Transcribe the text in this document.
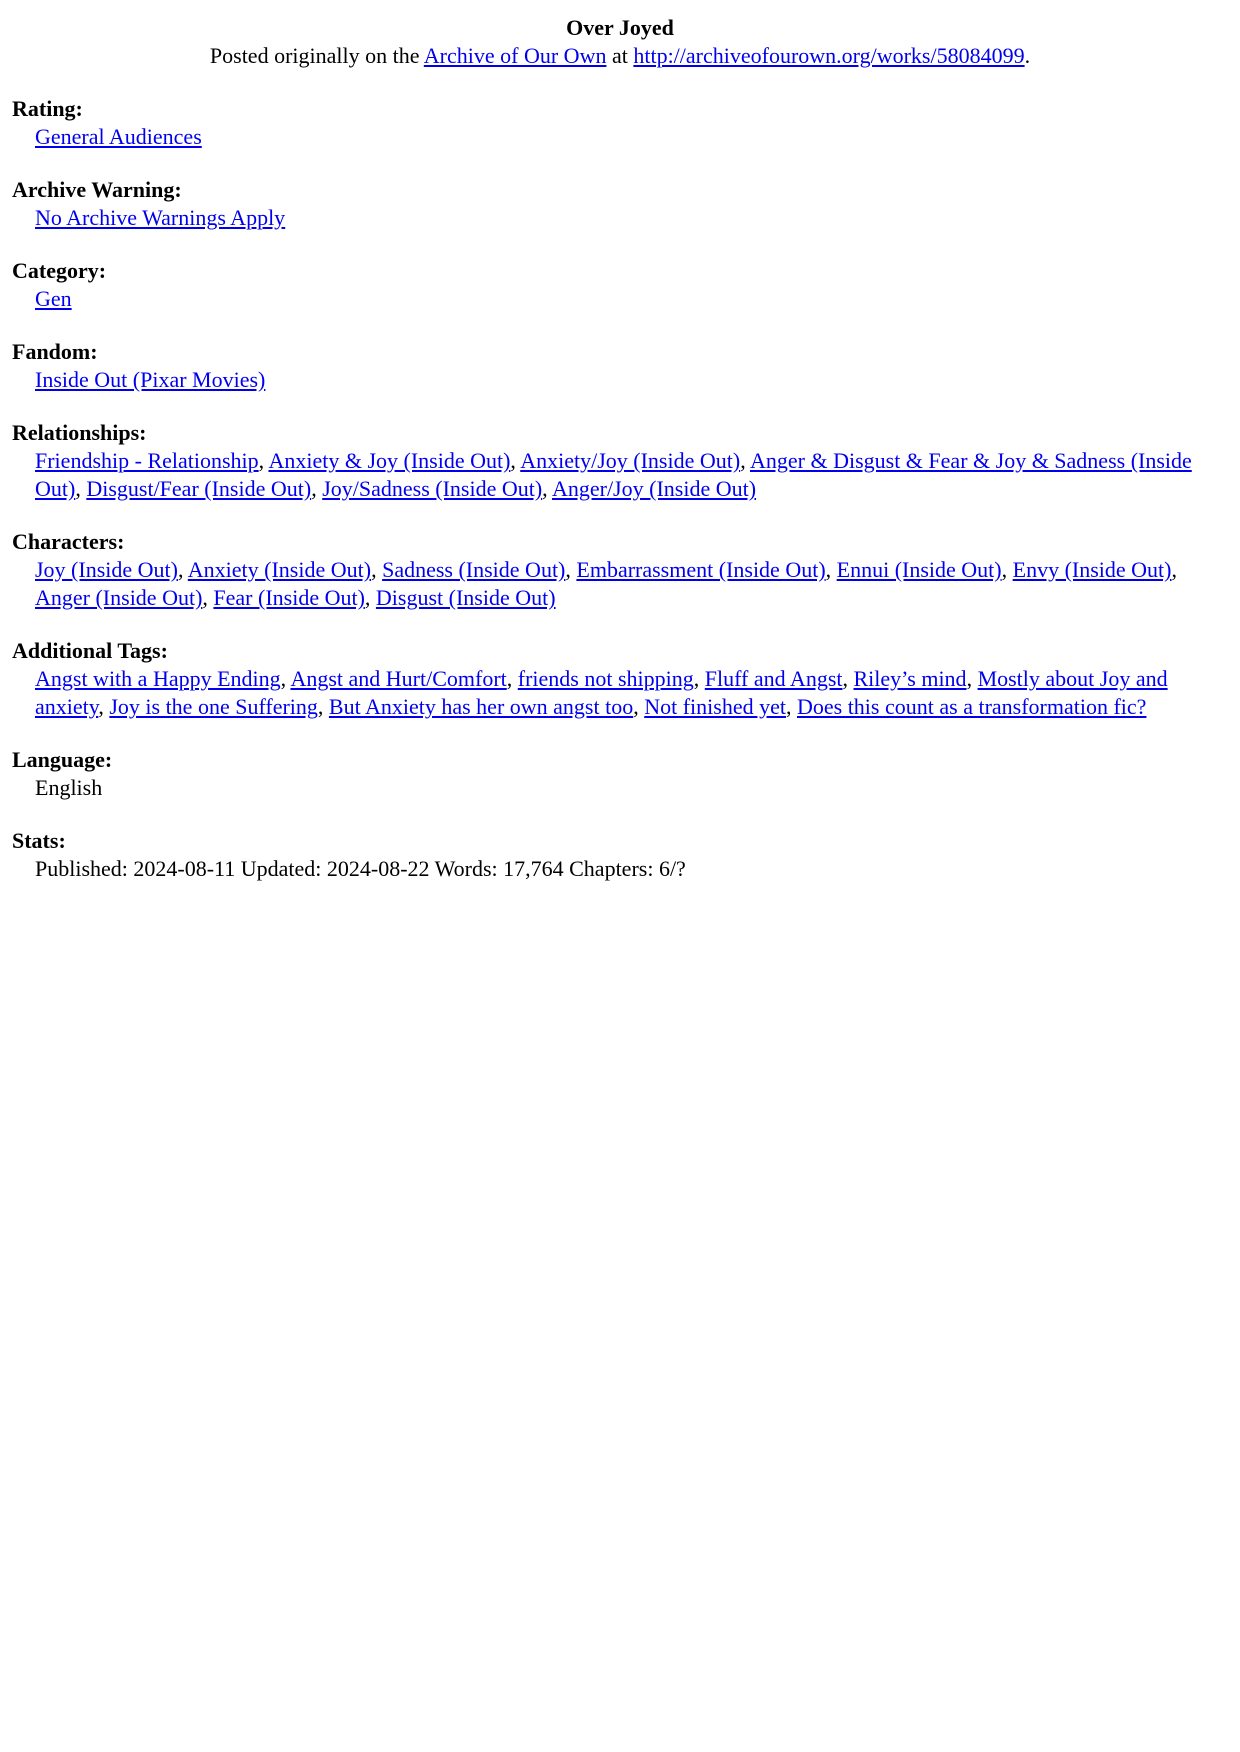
Over Joyed
Posted originally on the Archive of Our Own at http://archiveofourown.org/works/58084099.

Rating:
General Audiences
Archive Warning:
No Archive Warnings Apply
Category:
Gen
Fandom:
Inside Out (Pixar Movies)
Relationships:
Friendship - Relationship, Anxiety & Joy (Inside Out), Anxiety/Joy (Inside Out), Anger & Disgust & Fear & Joy & Sadness (Inside Out), Disgust/Fear (Inside Out), Joy/Sadness (Inside Out), Anger/Joy (Inside Out)
Characters:
Joy (Inside Out), Anxiety (Inside Out), Sadness (Inside Out), Embarrassment (Inside Out), Ennui (Inside Out), Envy (Inside Out), Anger (Inside Out), Fear (Inside Out), Disgust (Inside Out)
Additional Tags:
Angst with a Happy Ending, Angst and Hurt/Comfort, friends not shipping, Fluff and Angst, Riley’s mind, Mostly about Joy and anxiety, Joy is the one Suffering, But Anxiety has her own angst too, Not finished yet, Does this count as a transformation fic?
Language:
English
Stats:
Published: 2024-08-11 Updated: 2024-08-22 Words: 17,764 Chapters: 6/?
